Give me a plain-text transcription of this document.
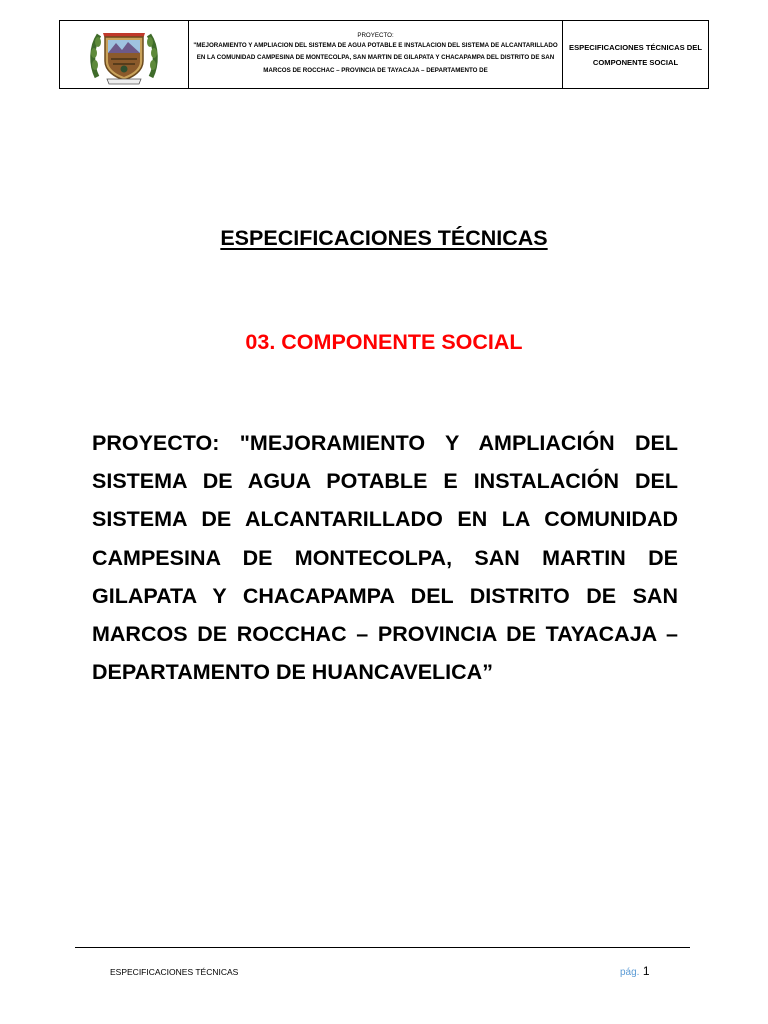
PROYECTO:
"MEJORAMIENTO Y AMPLIACION DEL SISTEMA DE AGUA POTABLE E INSTALACION DEL SISTEMA DE ALCANTARILLADO EN LA COMUNIDAD CAMPESINA DE MONTECOLPA, SAN MARTIN DE GILAPATA Y CHACAPAMPA DEL DISTRITO DE SAN MARCOS DE ROCCHAC – PROVINCIA DE TAYACAJA – DEPARTAMENTO DE
	ESPECIFICACIONES TÉCNICAS DEL COMPONENTE SOCIAL
ESPECIFICACIONES TÉCNICAS
03. COMPONENTE SOCIAL
PROYECTO: "MEJORAMIENTO Y AMPLIACIÓN DEL SISTEMA DE AGUA POTABLE E INSTALACIÓN DEL SISTEMA DE ALCANTARILLADO EN LA COMUNIDAD CAMPESINA DE MONTECOLPA, SAN MARTIN DE GILAPATA Y CHACAPAMPA DEL DISTRITO DE SAN MARCOS DE ROCCHAC – PROVINCIA DE TAYACAJA – DEPARTAMENTO DE HUANCAVELICA”
ESPECIFICACIONES TÉCNICAS	pág. 1
